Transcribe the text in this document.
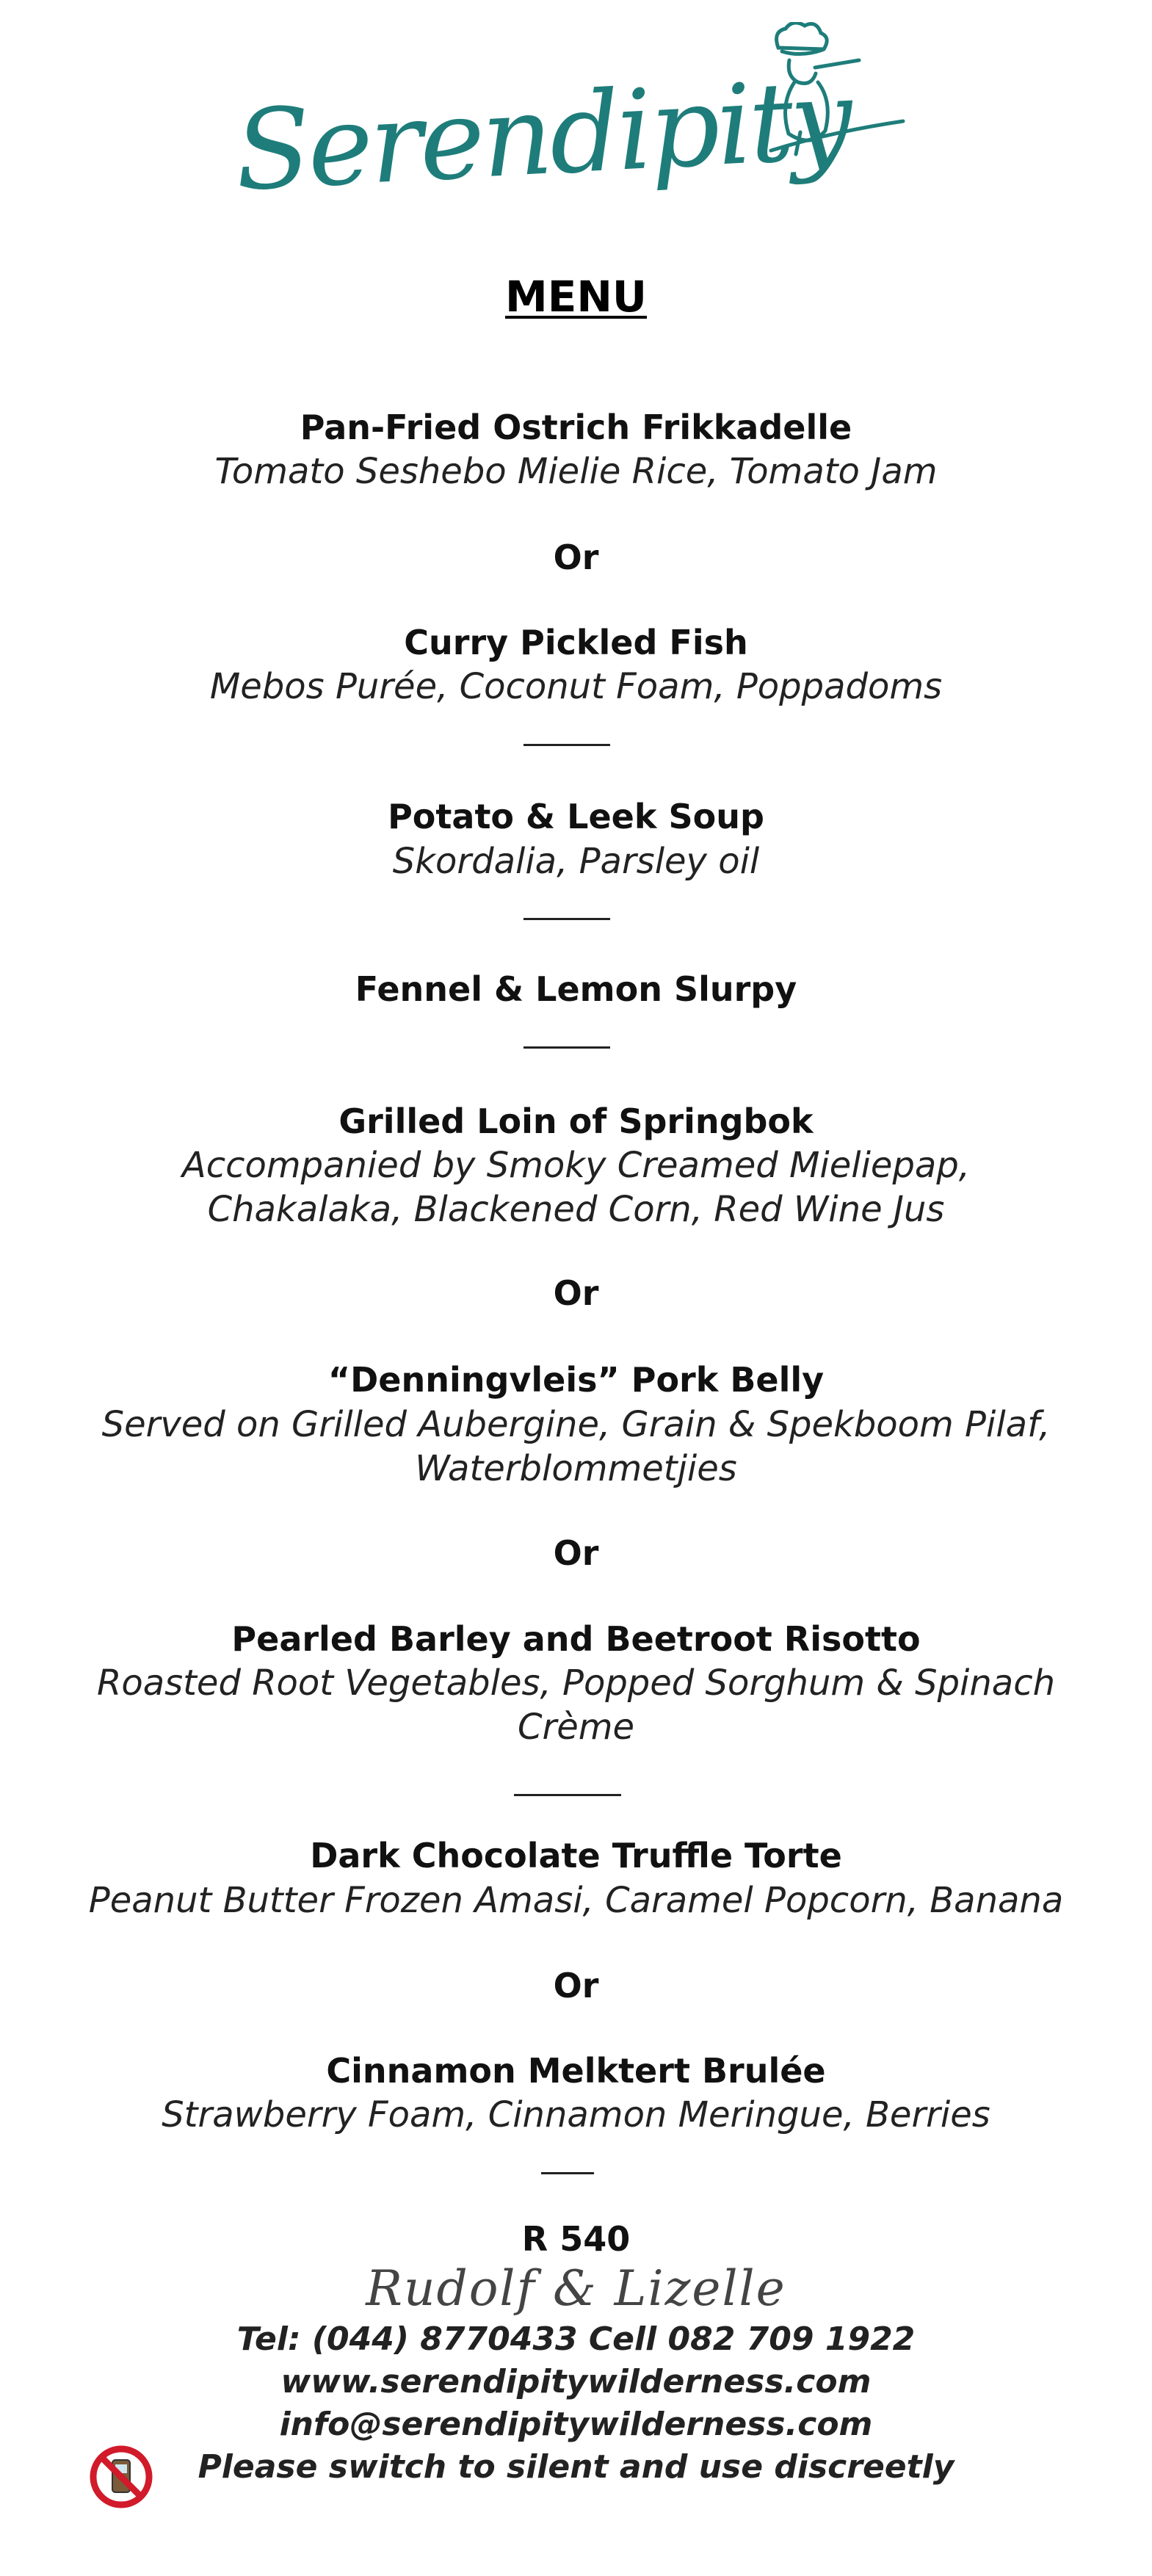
Serendipity
MENU
Pan-Fried Ostrich Frikkadelle
Tomato Seshebo Mielie Rice, Tomato Jam
Or
Curry Pickled Fish
Mebos Purée, Coconut Foam, Poppadoms
Potato & Leek Soup
Skordalia, Parsley oil
Fennel & Lemon Slurpy
Grilled Loin of Springbok
Accompanied by Smoky Creamed Mieliepap,
Chakalaka, Blackened Corn, Red Wine Jus
Or
“Denningvleis” Pork Belly
Served on Grilled Aubergine, Grain & Spekboom Pilaf,
Waterblommetjies
Or
Pearled Barley and Beetroot Risotto
Roasted Root Vegetables, Popped Sorghum & Spinach
Crème
Dark Chocolate Truffle Torte
Peanut Butter Frozen Amasi, Caramel Popcorn, Banana
Or
Cinnamon Melktert Brulée
Strawberry Foam, Cinnamon Meringue, Berries
R 540
Rudolf & Lizelle
Tel: (044) 8770433 Cell 082 709 1922
www.serendipitywilderness.com
info@serendipitywilderness.com
Please switch to silent and use discreetly
